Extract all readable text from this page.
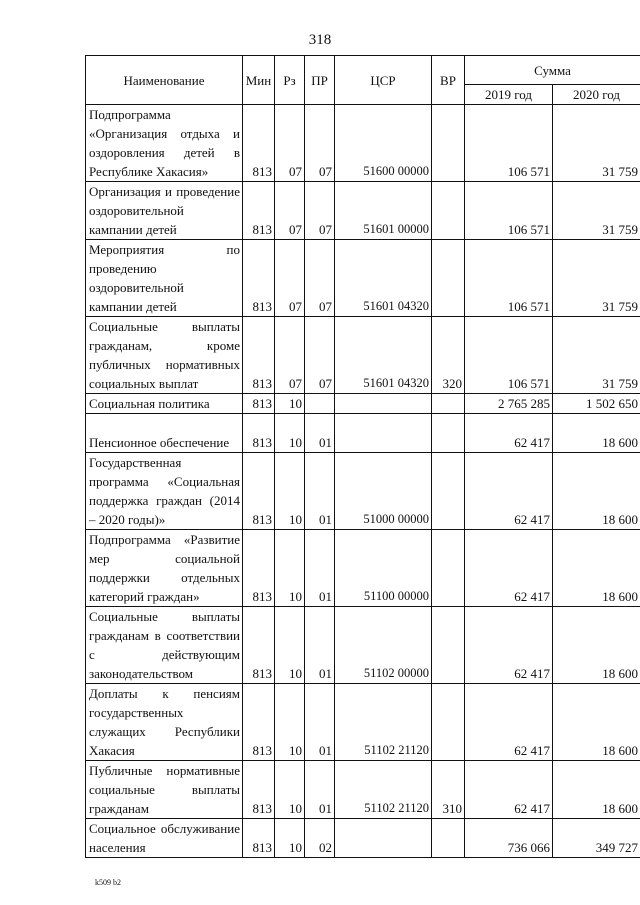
318
Наименование	Мин	Рз	ПР	ЦСР	ВР	Сумма	
						2019 год	2020 год
Подпрограмма «Организация отдыха и оздоровления детей в Республике Хакасия»	813	07	07	51600 00000		106 571	31 759
Организация и проведение оздоровительной кампании детей	813	07	07	51601 00000		106 571	31 759
Мероприятия по проведению оздоровительной кампании детей	813	07	07	51601 04320		106 571	31 759
Социальные выплаты гражданам, кроме публичных нормативных социальных выплат	813	07	07	51601 04320	320	106 571	31 759
Социальная политика	813	10				2 765 285	1 502 650
Пенсионное обеспечение	813	10	01			62 417	18 600
Государственная программа «Социальная поддержка граждан (2014 – 2020 годы)»	813	10	01	51000 00000		62 417	18 600
Подпрограмма «Развитие мер социальной поддержки отдельных категорий граждан»	813	10	01	51100 00000		62 417	18 600
Социальные выплаты гражданам в соответствии с действующим законодательством	813	10	01	51102 00000		62 417	18 600
Доплаты к пенсиям государственных служащих Республики Хакасия	813	10	01	51102 21120		62 417	18 600
Публичные нормативные социальные выплаты гражданам	813	10	01	51102 21120	310	62 417	18 600
Социальное обслуживание населения	813	10	02			736 066	349 727
k509 b2
